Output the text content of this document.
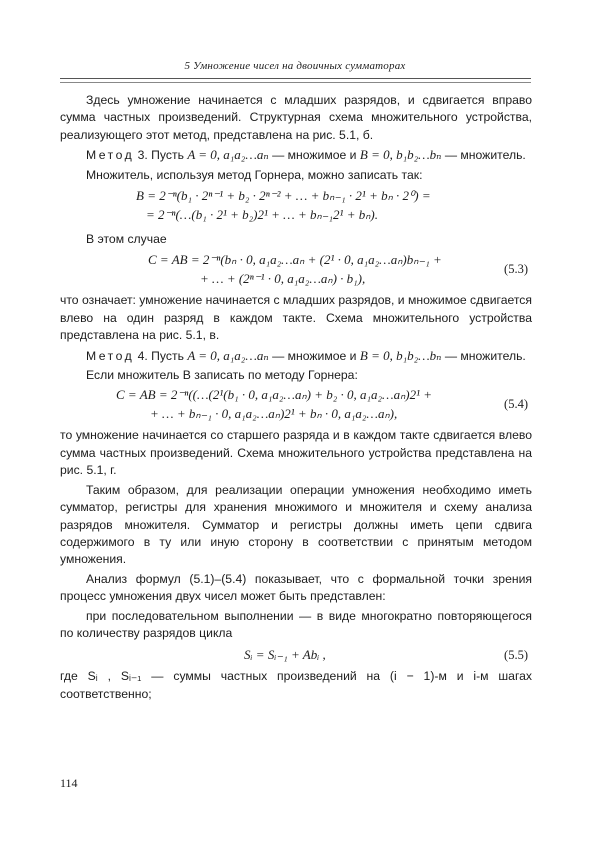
5 Умножение чисел на двоичных сумматорах

Здесь умножение начинается с младших разрядов, и сдвигается вправо сумма частных произведений. Структурная схема множительного устройства, реализующего этот метод, представлена на рис. 5.1, б.

Метод 3. Пусть A = 0, a₁a₂…aₙ — множимое и B = 0, b₁b₂…bₙ — множитель.

Множитель, используя метод Горнера, можно записать так:

B = 2⁻ⁿ(b₁ · 2ⁿ⁻¹ + b₂ · 2ⁿ⁻² + … + bₙ₋₁ · 2¹ + bₙ · 2⁰) =
= 2⁻ⁿ(…(b₁ · 2¹ + b₂)2¹ + … + bₙ₋₁2¹ + bₙ).

В этом случае

C = AB = 2⁻ⁿ(bₙ · 0, a₁a₂…aₙ + (2¹ · 0, a₁a₂…aₙ)bₙ₋₁ +
+ … + (2ⁿ⁻¹ · 0, a₁a₂…aₙ) · b₁),
(5.3)

что означает: умножение начинается с младших разрядов, и множимое сдвигается влево на один разряд в каждом такте. Схема множительного устройства представлена на рис. 5.1, в.

Метод 4. Пусть A = 0, a₁a₂…aₙ — множимое и B = 0, b₁b₂…bₙ — множитель.

Если множитель B записать по методу Горнера:

C = AB = 2⁻ⁿ((…(2¹(b₁ · 0, a₁a₂…aₙ) + b₂ · 0, a₁a₂…aₙ)2¹ +
+ … + bₙ₋₁ · 0, a₁a₂…aₙ)2¹ + bₙ · 0, a₁a₂…aₙ),
(5.4)

то умножение начинается со старшего разряда и в каждом такте сдвигается влево сумма частных произведений. Схема множительного устройства представлена на рис. 5.1, г.

Таким образом, для реализации операции умножения необходимо иметь сумматор, регистры для хранения множимого и множителя и схему анализа разрядов множителя. Сумматор и регистры должны иметь цепи сдвига содержимого в ту или иную сторону в соответствии с принятым методом умножения.

Анализ формул (5.1)–(5.4) показывает, что с формальной точки зрения процесс умножения двух чисел может быть представлен:

при последовательном выполнении — в виде многократно повторяющегося по количеству разрядов цикла

Sᵢ = Sᵢ₋₁ + Abᵢ ,	(5.5)

где Sᵢ , Sᵢ₋₁ — суммы частных произведений на (i − 1)-м и i-м шагах соответственно;

114
